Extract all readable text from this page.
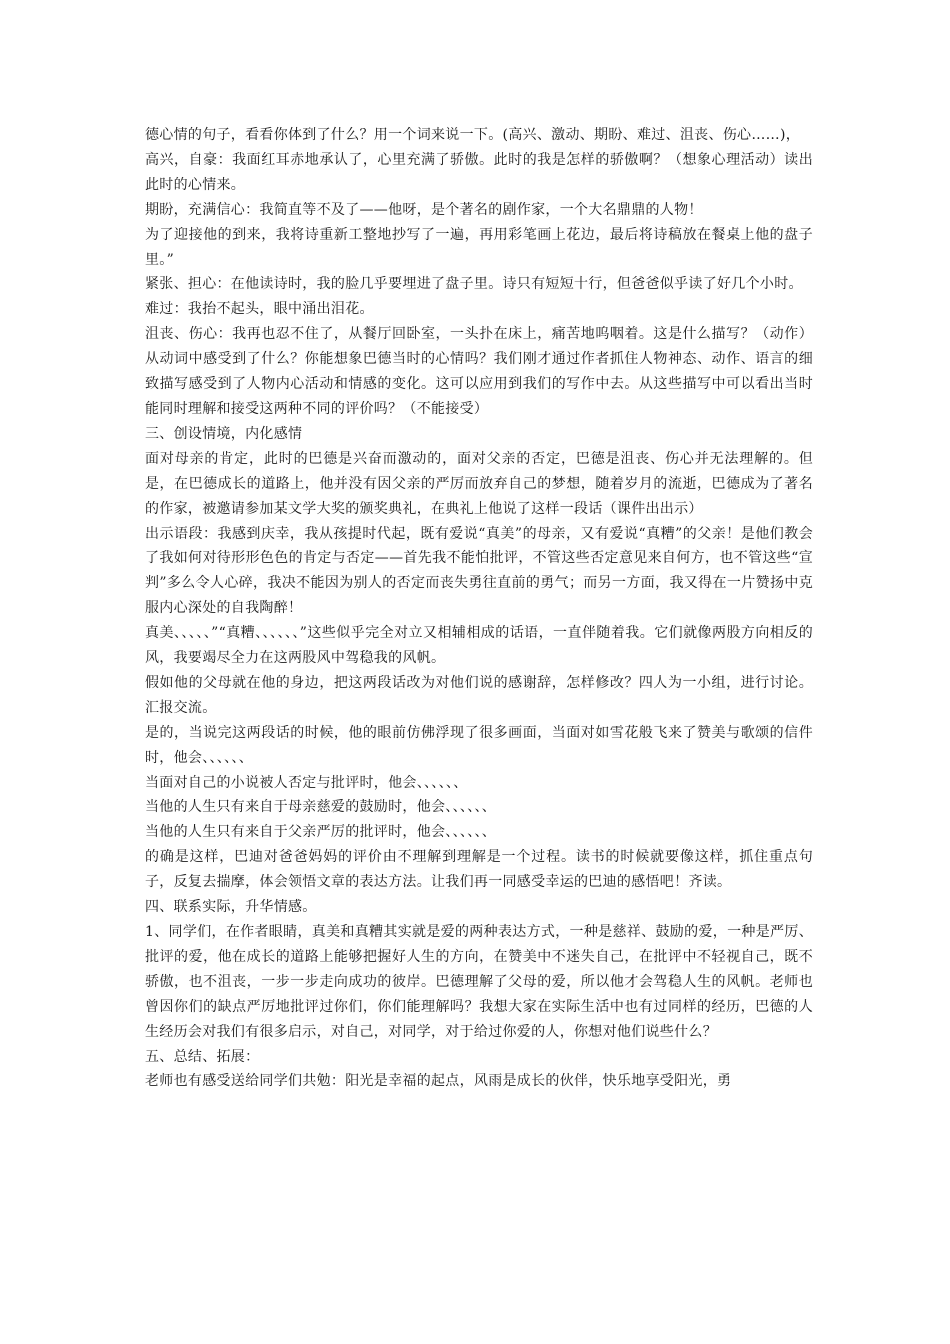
德心情的句子，看看你体到了什么？用一个词来说一下。(高兴、激动、期盼、难过、沮丧、伤心……)，

高兴，自豪：我面红耳赤地承认了，心里充满了骄傲。此时的我是怎样的骄傲啊？（想象心理活动）读出此时的心情来。

期盼，充满信心：我简直等不及了——他呀，是个著名的剧作家，一个大名鼎鼎的人物！

为了迎接他的到来，我将诗重新工整地抄写了一遍，再用彩笔画上花边，最后将诗稿放在餐桌上他的盘子里。”

紧张、担心：在他读诗时，我的脸几乎要埋进了盘子里。诗只有短短十行，但爸爸似乎读了好几个小时。

难过：我抬不起头，眼中涌出泪花。

沮丧、伤心：我再也忍不住了，从餐厅回卧室，一头扑在床上，痛苦地呜咽着。这是什么描写？（动作）从动词中感受到了什么？你能想象巴德当时的心情吗？我们刚才通过作者抓住人物神态、动作、语言的细致描写感受到了人物内心活动和情感的变化。这可以应用到我们的写作中去。从这些描写中可以看出当时能同时理解和接受这两种不同的评价吗？（不能接受）

三、创设情境，内化感情

面对母亲的肯定，此时的巴德是兴奋而激动的，面对父亲的否定，巴德是沮丧、伤心并无法理解的。但是，在巴德成长的道路上，他并没有因父亲的严厉而放弃自己的梦想，随着岁月的流逝，巴德成为了著名的作家，被邀请参加某文学大奖的颁奖典礼，在典礼上他说了这样一段话（课件出出示）

出示语段：我感到庆幸，我从孩提时代起，既有爱说“真美”的母亲，又有爱说“真糟”的父亲！是他们教会了我如何对待形形色色的肯定与否定——首先我不能怕批评，不管这些否定意见来自何方，也不管这些“宣判”多么令人心碎，我决不能因为别人的否定而丧失勇往直前的勇气；而另一方面，我又得在一片赞扬中克服内心深处的自我陶醉！

真美、、、、、”“真糟、、、、、、”这些似乎完全对立又相辅相成的话语，一直伴随着我。它们就像两股方向相反的风，我要竭尽全力在这两股风中驾稳我的风帆。

假如他的父母就在他的身边，把这两段话改为对他们说的感谢辞，怎样修改？四人为一小组，进行讨论。汇报交流。

是的，当说完这两段话的时候，他的眼前仿佛浮现了很多画面，当面对如雪花般飞来了赞美与歌颂的信件时，他会、、、、、、

当面对自己的小说被人否定与批评时，他会、、、、、、

当他的人生只有来自于母亲慈爱的鼓励时，他会、、、、、、

当他的人生只有来自于父亲严厉的批评时，他会、、、、、、

的确是这样，巴迪对爸爸妈妈的评价由不理解到理解是一个过程。读书的时候就要像这样，抓住重点句子，反复去揣摩，体会领悟文章的表达方法。让我们再一同感受幸运的巴迪的感悟吧！齐读。

四、联系实际，升华情感。

1、同学们，在作者眼睛，真美和真糟其实就是爱的两种表达方式，一种是慈祥、鼓励的爱，一种是严厉、批评的爱，他在成长的道路上能够把握好人生的方向，在赞美中不迷失自己，在批评中不轻视自己，既不骄傲，也不沮丧，一步一步走向成功的彼岸。巴德理解了父母的爱，所以他才会驾稳人生的风帆。老师也曾因你们的缺点严厉地批评过你们，你们能理解吗？我想大家在实际生活中也有过同样的经历，巴德的人生经历会对我们有很多启示，对自己，对同学，对于给过你爱的人，你想对他们说些什么？

五、总结、拓展：

老师也有感受送给同学们共勉：阳光是幸福的起点，风雨是成长的伙伴，快乐地享受阳光，勇
